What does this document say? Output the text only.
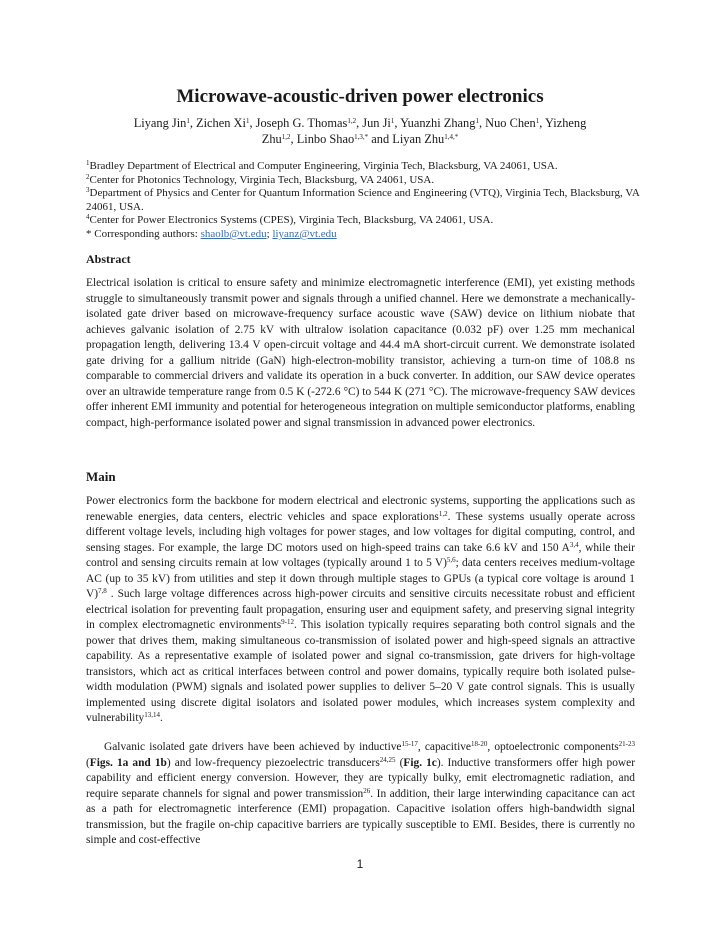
Microwave-acoustic-driven power electronics
Liyang Jin$^1$, Zichen Xi$^1$, Joseph G. Thomas$^{1,2}$, Jun Ji$^1$, Yuanzhi Zhang$^1$, Nuo Chen$^1$, Yizheng Zhu$^{1,2}$, Linbo Shao$^{1,3,*}$ and Liyan Zhu$^{1,4,*}$
$^1$Bradley Department of Electrical and Computer Engineering, Virginia Tech, Blacksburg, VA 24061, USA.
$^2$Center for Photonics Technology, Virginia Tech, Blacksburg, VA 24061, USA.
$^3$Department of Physics and Center for Quantum Information Science and Engineering (VTQ), Virginia Tech, Blacksburg, VA 24061, USA.
$^4$Center for Power Electronics Systems (CPES), Virginia Tech, Blacksburg, VA 24061, USA.
* Corresponding authors: shaolb@vt.edu; liyanz@vt.edu
Abstract

Electrical isolation is critical to ensure safety and minimize electromagnetic interference (EMI), yet existing methods struggle to simultaneously transmit power and signals through a unified channel. Here we demonstrate a mechanically-isolated gate driver based on microwave-frequency surface acoustic wave (SAW) device on lithium niobate that achieves galvanic isolation of 2.75 kV with ultralow isolation capacitance (0.032 pF) over 1.25 mm mechanical propagation length, delivering 13.4 V open-circuit voltage and 44.4 mA short-circuit current. We demonstrate isolated gate driving for a gallium nitride (GaN) high-electron-mobility transistor, achieving a turn-on time of 108.8 ns comparable to commercial drivers and validate its operation in a buck converter. In addition, our SAW device operates over an ultrawide temperature range from 0.5 K (-272.6 °C) to 544 K (271 °C). The microwave-frequency SAW devices offer inherent EMI immunity and potential for heterogeneous integration on multiple semiconductor platforms, enabling compact, high-performance isolated power and signal transmission in advanced power electronics.

Main

Power electronics form the backbone for modern electrical and electronic systems, supporting the applications such as renewable energies, data centers, electric vehicles and space explorations$^{1,2}$. These systems usually operate across different voltage levels, including high voltages for power stages, and low voltages for digital computing, control, and sensing stages. For example, the large DC motors used on high-speed trains can take 6.6 kV and 150 A$^{3,4}$, while their control and sensing circuits remain at low voltages (typically around 1 to 5 V)$^{5,6}$; data centers receives medium-voltage AC (up to 35 kV) from utilities and step it down through multiple stages to GPUs (a typical core voltage is around 1 V)$^{7,8}$ . Such large voltage differences across high-power circuits and sensitive circuits necessitate robust and efficient electrical isolation for preventing fault propagation, ensuring user and equipment safety, and preserving signal integrity in complex electromagnetic environments$^{9-12}$. This isolation typically requires separating both control signals and the power that drives them, making simultaneous co-transmission of isolated power and high-speed signals an attractive capability. As a representative example of isolated power and signal co-transmission, gate drivers for high-voltage transistors, which act as critical interfaces between control and power domains, typically require both isolated pulse-width modulation (PWM) signals and isolated power supplies to deliver 5–20 V gate control signals. This is usually implemented using discrete digital isolators and isolated power modules, which increases system complexity and vulnerability$^{13,14}$.

Galvanic isolated gate drivers have been achieved by inductive$^{15-17}$, capacitive$^{18-20}$, optoelectronic components$^{21-23}$ (Figs. 1a and 1b) and low-frequency piezoelectric transducers$^{24,25}$ (Fig. 1c). Inductive transformers offer high power capability and efficient energy conversion. However, they are typically bulky, emit electromagnetic radiation, and require separate channels for signal and power transmission$^{26}$. In addition, their large interwinding capacitance can act as a path for electromagnetic interference (EMI) propagation. Capacitive isolation offers high-bandwidth signal transmission, but the fragile on-chip capacitive barriers are typically susceptible to EMI. Besides, there is currently no simple and cost-effective

1
